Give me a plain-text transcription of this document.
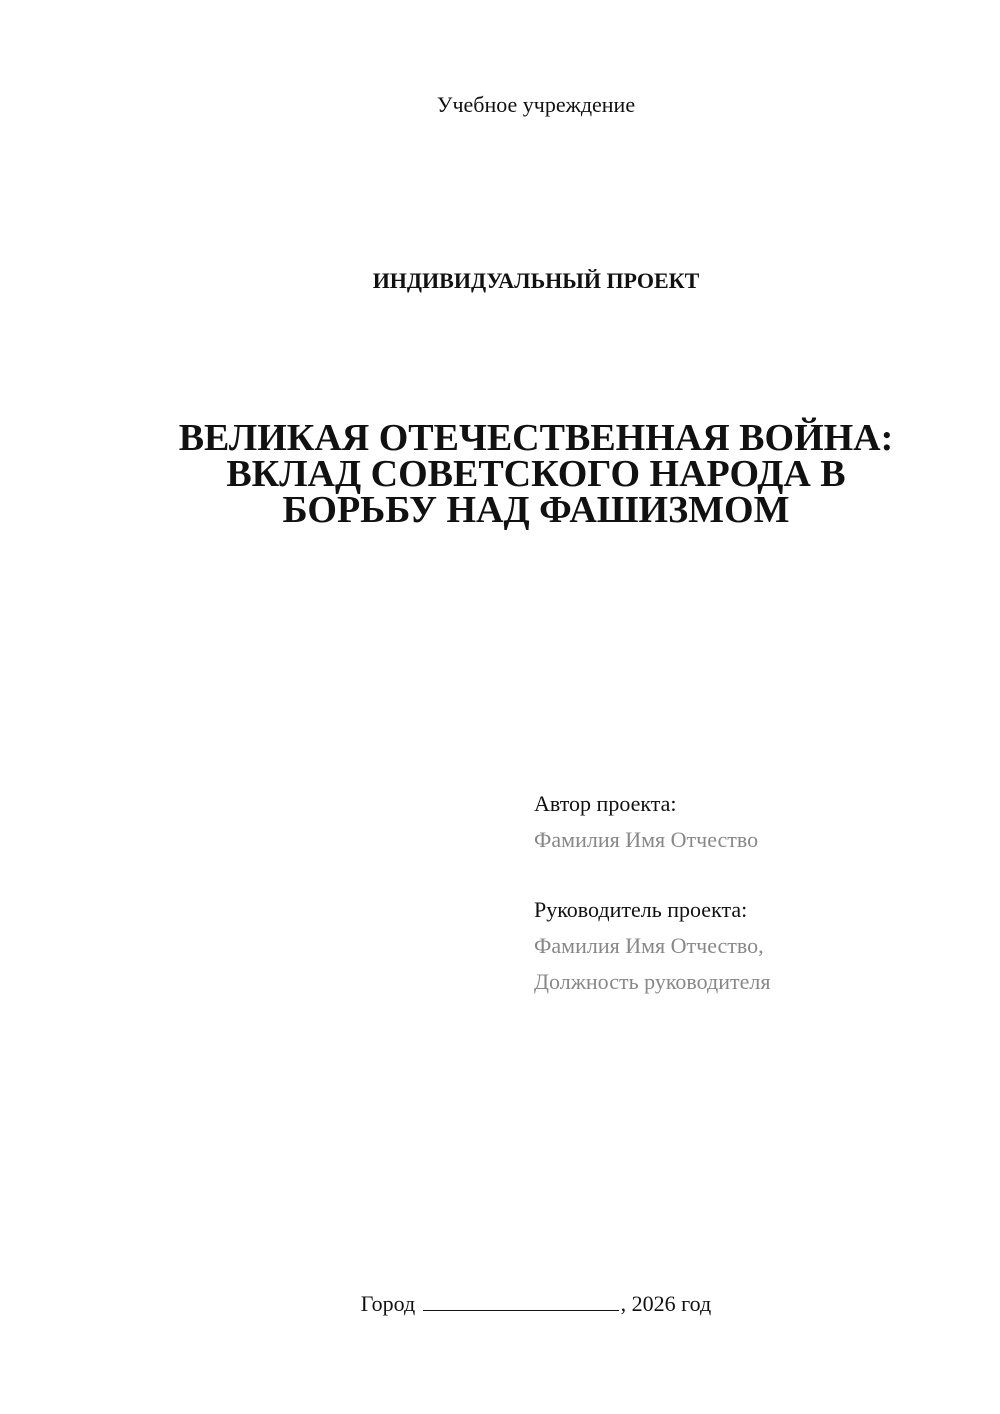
Учебное учреждение
ИНДИВИДУАЛЬНЫЙ ПРОЕКТ
ВЕЛИКАЯ ОТЕЧЕСТВЕННАЯ ВОЙНА:
ВКЛАД СОВЕТСКОГО НАРОДА В
БОРЬБУ НАД ФАШИЗМОМ
Автор проекта:
Фамилия Имя Отчество
Руководитель проекта:
Фамилия Имя Отчество,
Должность руководителя
Город	, 2026 год
